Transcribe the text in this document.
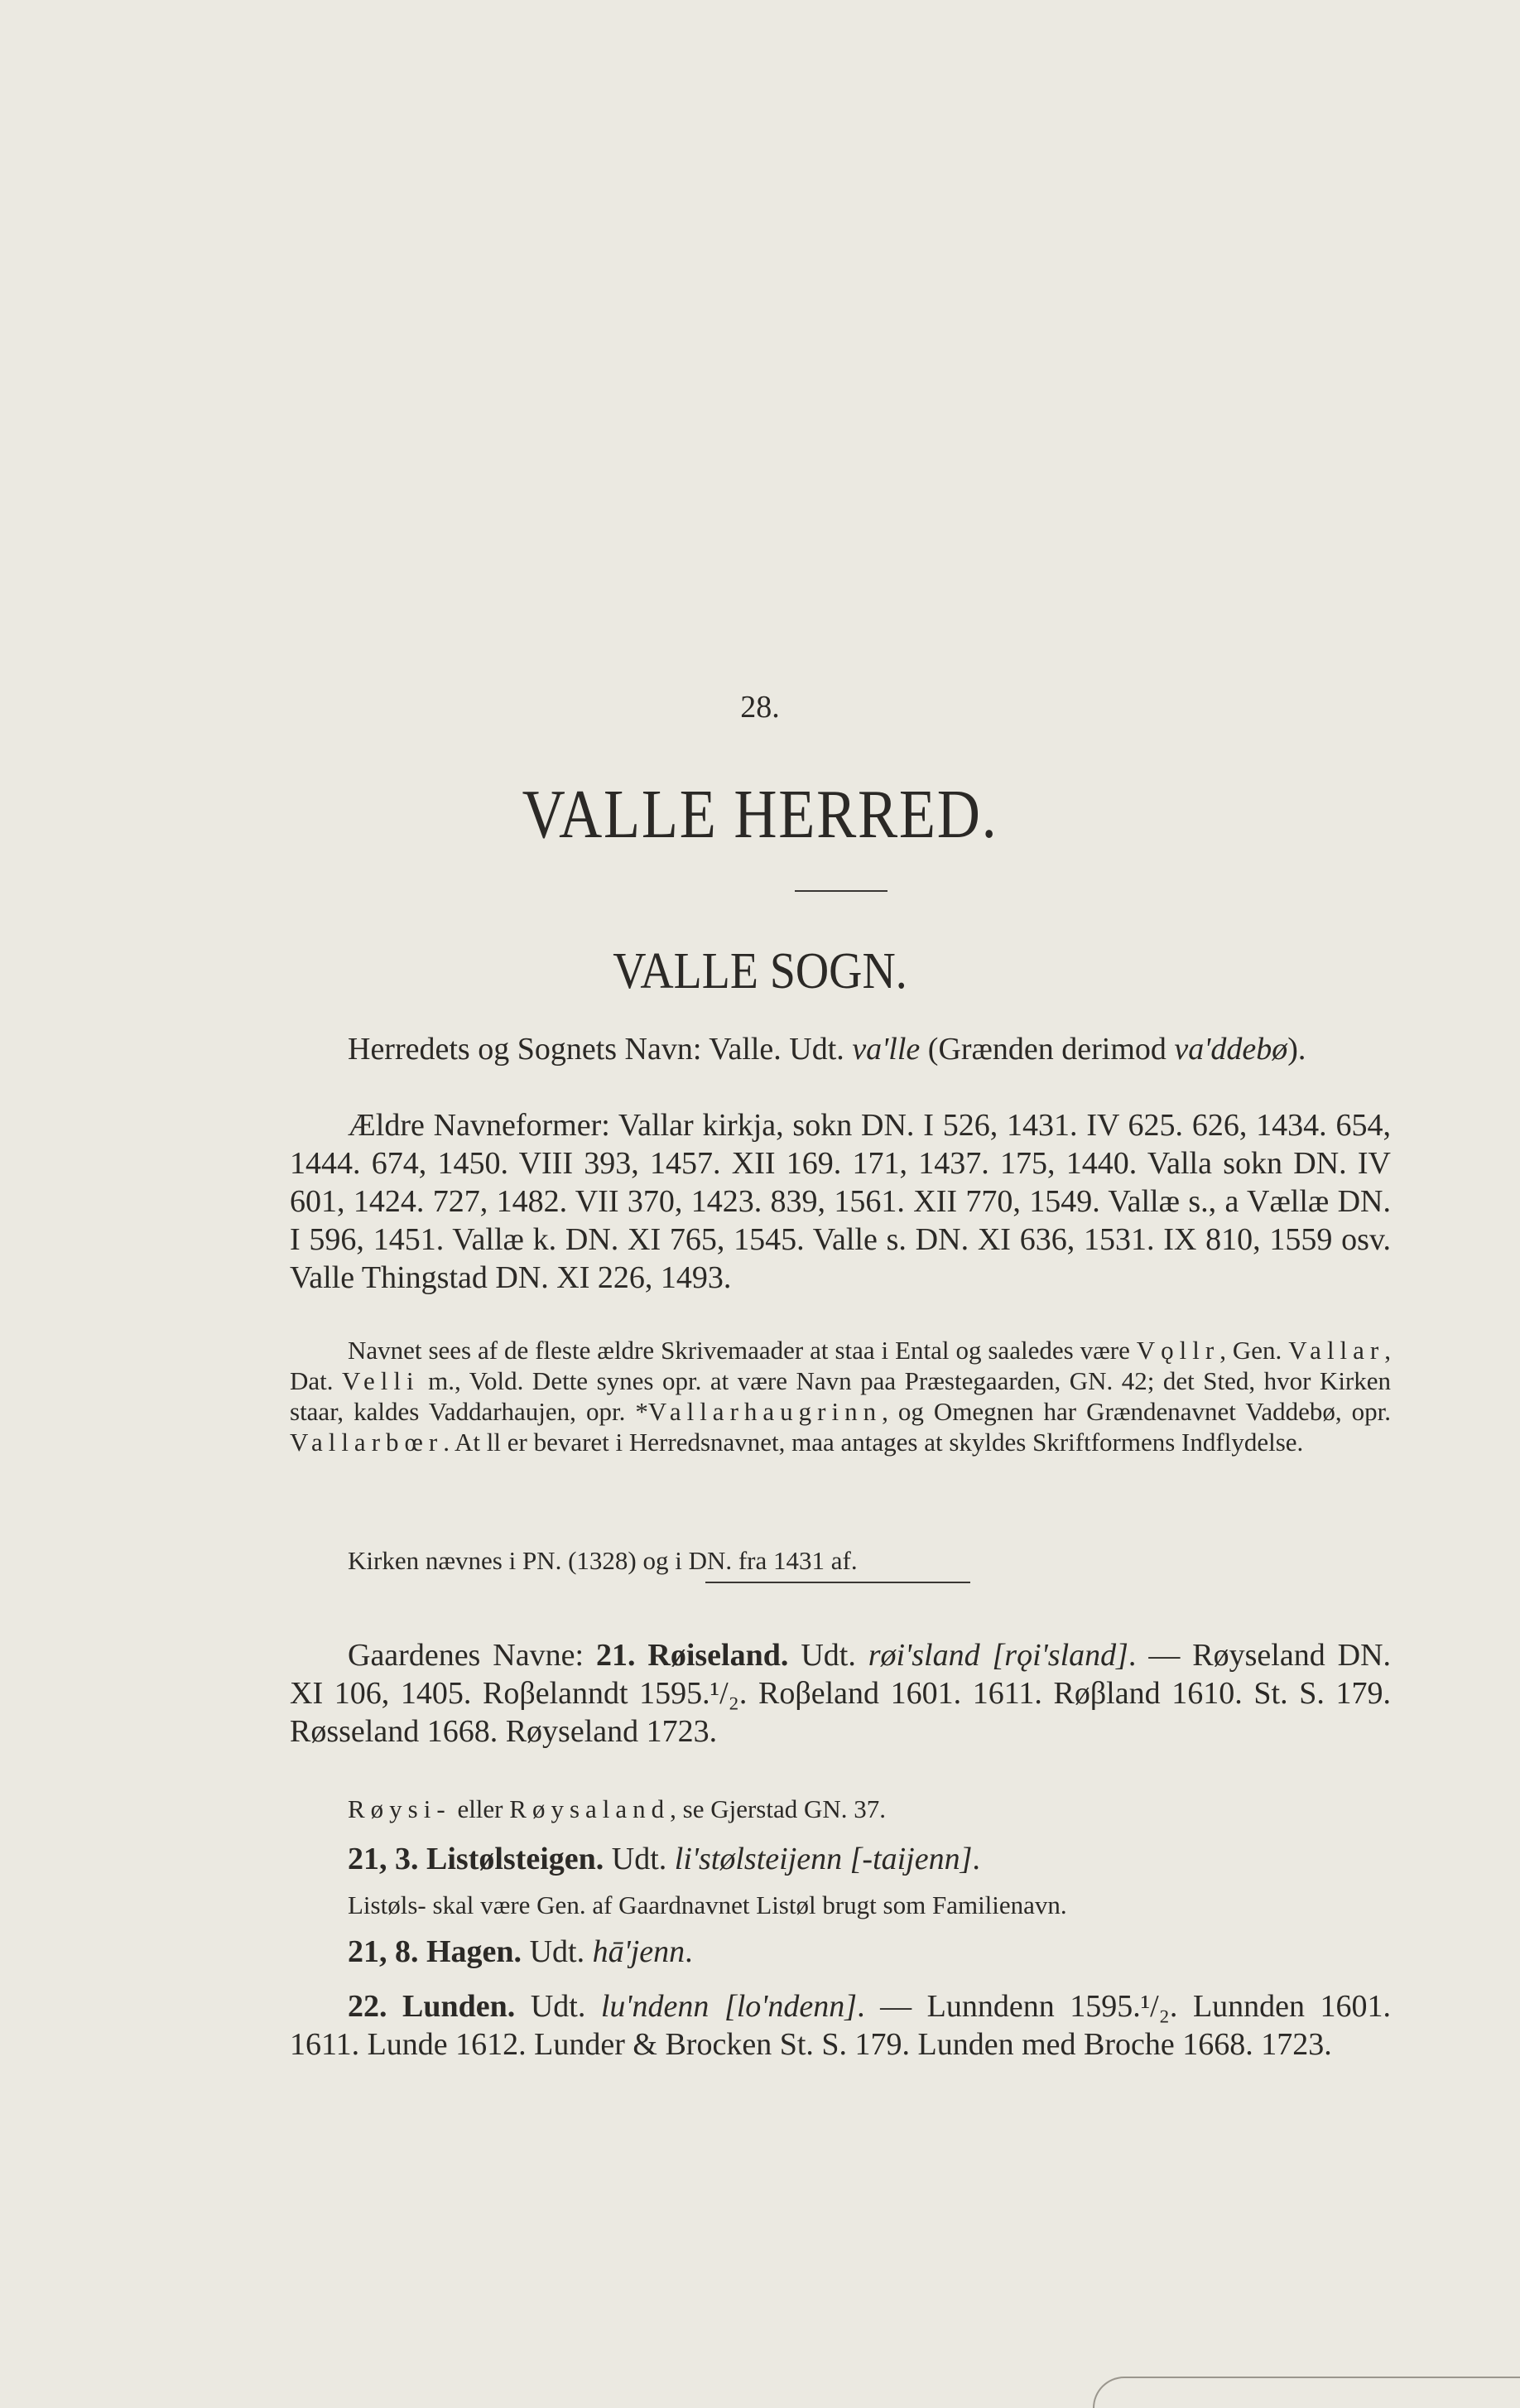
28.
VALLE HERRED.
VALLE SOGN.
Herredets og Sognets Navn: Valle. Udt. va'lle (Grænden derimod va'ddebø).
Ældre Navneformer: Vallar kirkja, sokn DN. I 526, 1431. IV 625. 626, 1434. 654, 1444. 674, 1450. VIII 393, 1457. XII 169. 171, 1437. 175, 1440. Valla sokn DN. IV 601, 1424. 727, 1482. VII 370, 1423. 839, 1561. XII 770, 1549. Vallæ s., a Vællæ DN. I 596, 1451. Vallæ k. DN. XI 765, 1545. Valle s. DN. XI 636, 1531. IX 810, 1559 osv. Valle Thingstad DN. XI 226, 1493.
Navnet sees af de fleste ældre Skrivemaader at staa i Ental og saaledes være Vǫllr, Gen. Vallar, Dat. Velli m., Vold. Dette synes opr. at være Navn paa Præstegaarden, GN. 42; det Sted, hvor Kirken staar, kaldes Vaddarhaujen, opr. *Vallarhaugrinn, og Omegnen har Grændenavnet Vaddebø, opr. Vallarbœr. At ll er bevaret i Herredsnavnet, maa antages at skyldes Skriftformens Indflydelse.
Kirken nævnes i PN. (1328) og i DN. fra 1431 af.
Gaardenes Navne: 21. Røiseland. Udt. røi'sland [rǫi'sland]. — Røyseland DN. XI 106, 1405. Roβelanndt 1595.¹/₂. Roβeland 1601. 1611. Røβland 1610. St. S. 179. Røsseland 1668. Røyseland 1723.
Røysi- eller Røysaland, se Gjerstad GN. 37.
21, 3. Listølsteigen. Udt. li'stølsteijenn [-taijenn].
Listøls- skal være Gen. af Gaardnavnet Listøl brugt som Familienavn.
21, 8. Hagen. Udt. hā'jenn.
22. Lunden. Udt. lu'ndenn [lo'ndenn]. — Lunndenn 1595.¹/₂. Lunnden 1601. 1611. Lunde 1612. Lunder & Brocken St. S. 179. Lunden med Broche 1668. 1723.
